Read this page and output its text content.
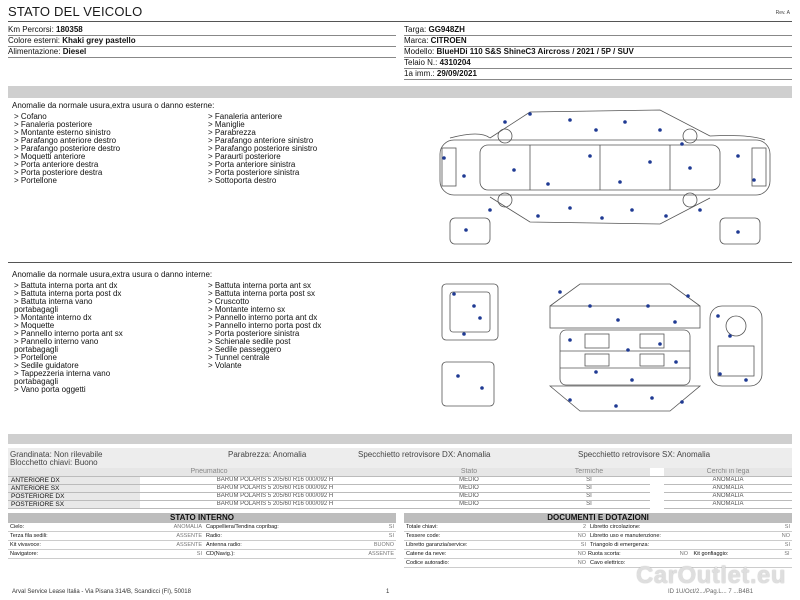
STATO DEL VEICOLO	Rev. A
Km Percorsi: 180358
Colore esterni: Khaki grey pastello
Alimentazione: Diesel
Targa: GG948ZH
Marca: CITROEN
Modello: BlueHDi 110 S&S ShineC3 Aircross / 2021 / 5P / SUV
Telaio N.: 4310204
1a imm.: 29/09/2021
Anomalie da normale usura,extra usura o danno esterne:
> Cofano
> Fanaleria posteriore
> Montante esterno sinistro
> Parafango anteriore destro
> Parafango posteriore destro
> Moquetti anteriore
> Porta anteriore destra
> Porta posteriore destra
> Portellone
> Fanaleria anteriore
> Maniglie
> Parabrezza
> Parafango anteriore sinistro
> Parafango posteriore sinistro
> Paraurti posteriore
> Porta anteriore sinistra
> Porta posteriore sinistra
> Sottoporta destro
Anomalie da normale usura,extra usura o danno interne:
> Battuta interna porta ant dx
> Battuta interna porta post dx
> Battuta interna vano
portabagagli
> Montante interno dx
> Moquette
> Pannello interno porta ant sx
> Pannello interno vano
portabagagli
> Portellone
> Sedile guidatore
> Tappezzeria interna vano
portabagagli
> Vano porta oggetti
> Battuta interna porta ant sx
> Battuta interna porta post sx
> Cruscotto
> Montante interno sx
> Pannello interno porta ant dx
> Pannello interno porta post dx
> Porta posteriore sinistra
> Schienale sedile post
> Sedile passeggero
> Tunnel centrale
> Volante
Grandinata: Non rilevabile
Blocchetto chiavi: Buono
Parabrezza: Anomalia	Specchietto retrovisore DX: Anomalia	Specchietto retrovisore SX: Anomalia
Pneumatico		Stato	Termiche		Cerchi in lega
ANTERIORE DX	BARUM POLARIS 5 205/60 R16 000/092 H	MEDIO	SI		ANOMALIA
ANTERIORE SX	BARUM POLARIS 5 205/60 R16 000/092 H	MEDIO	SI		ANOMALIA
POSTERIORE DX	BARUM POLARIS 5 205/60 R16 000/092 H	MEDIO	SI		ANOMALIA
POSTERIORE SX	BARUM POLARIS 5 205/60 R16 000/092 H	MEDIO	SI		ANOMALIA
STATO INTERNO
Cielo:	ANOMALIA Cappelliera/Tendina copribag:	SI
Terza fila sedili:	ASSENTE Radio:	SI
Kit vivavoce:	ASSENTE Antenna radio:	BUONO
Navigatore:	SI CD(Navig.):	ASSENTE
DOCUMENTI E DOTAZIONI
Totale chiavi:	2 Libretto circolazione:	SI
Tessere code:	NO Libretto uso e manutenzione:	NO
Libretto garanzia/service:	SI Triangolo di emergenza:	SI
Catene da neve:	NO Ruota scorta:	NO Kit gonfiaggio:	SI
Codice autoradio:	NO Cavo elettrico: CarOutlet.eu
Arval Service Lease Italia - Via Pisana 314/B, Scandicci (FI), 50018	1	ID 1U/Oct/2.../Pag.L... 7 ...B4B1
